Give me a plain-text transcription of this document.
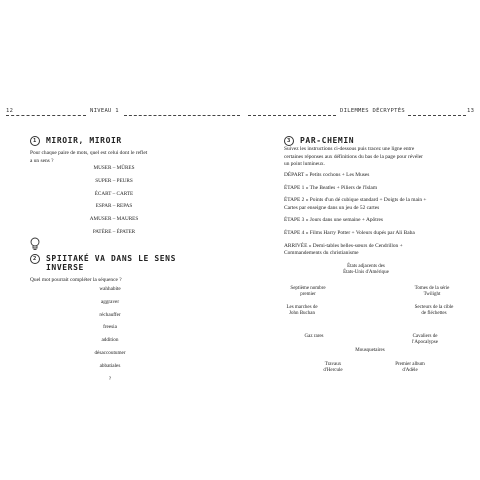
12	NIVEAU 1	DILEMMES DÉCRYPTÉS	13
1	MIROIR, MIROIR
Pour chaque paire de mots, quel est celui dont le reflet
a un sens ?
MUSER – MÛRES
SUPER – PEURS
ÉCART – CARTE
ESPAR – REPAS
AMUSER – MAURES
PATÈRE – ÉPATER
2	SPIITAKÉ VA DANS LE SENS
INVERSE
Quel mot pourrait compléter la séquence ?
wahhabite
aggraver
réchauffer
freesia
addition
désaccoutumer
abbatiales
?
3	PAR-CHEMIN
Suivez les instructions ci-dessous puis tracez une ligne entre
certaines réponses aux définitions du bas de la page pour révéler
un point lumineux.
DÉPART » Petits cochons + Les Muses
ÉTAPE 1 » The Beatles + Piliers de l'Islam
ÉTAPE 2 » Points d'un dé cubique standard + Doigts de la main +
Cartes par enseigne dans un jeu de 52 cartes
ÉTAPE 3 » Jours dans une semaine + Apôtres
ÉTAPE 4 » Films Harry Potter + Voleurs dupés par Ali Baba
ARRIVÉE » Demi-tables belles-sœurs de Cendrillon +
Commandements du christianisme
États adjacents des
États-Unis d'Amérique
Septième nombre
premier
Tomes de la série
Twilight
Les marches de
John Buchan
Secteurs de la cible
de fléchettes
Gaz rares	Cavaliers de
l'Apocalypse
Mousquetaires
Travaux
d'Hercule
Premier album
d'Adèle
